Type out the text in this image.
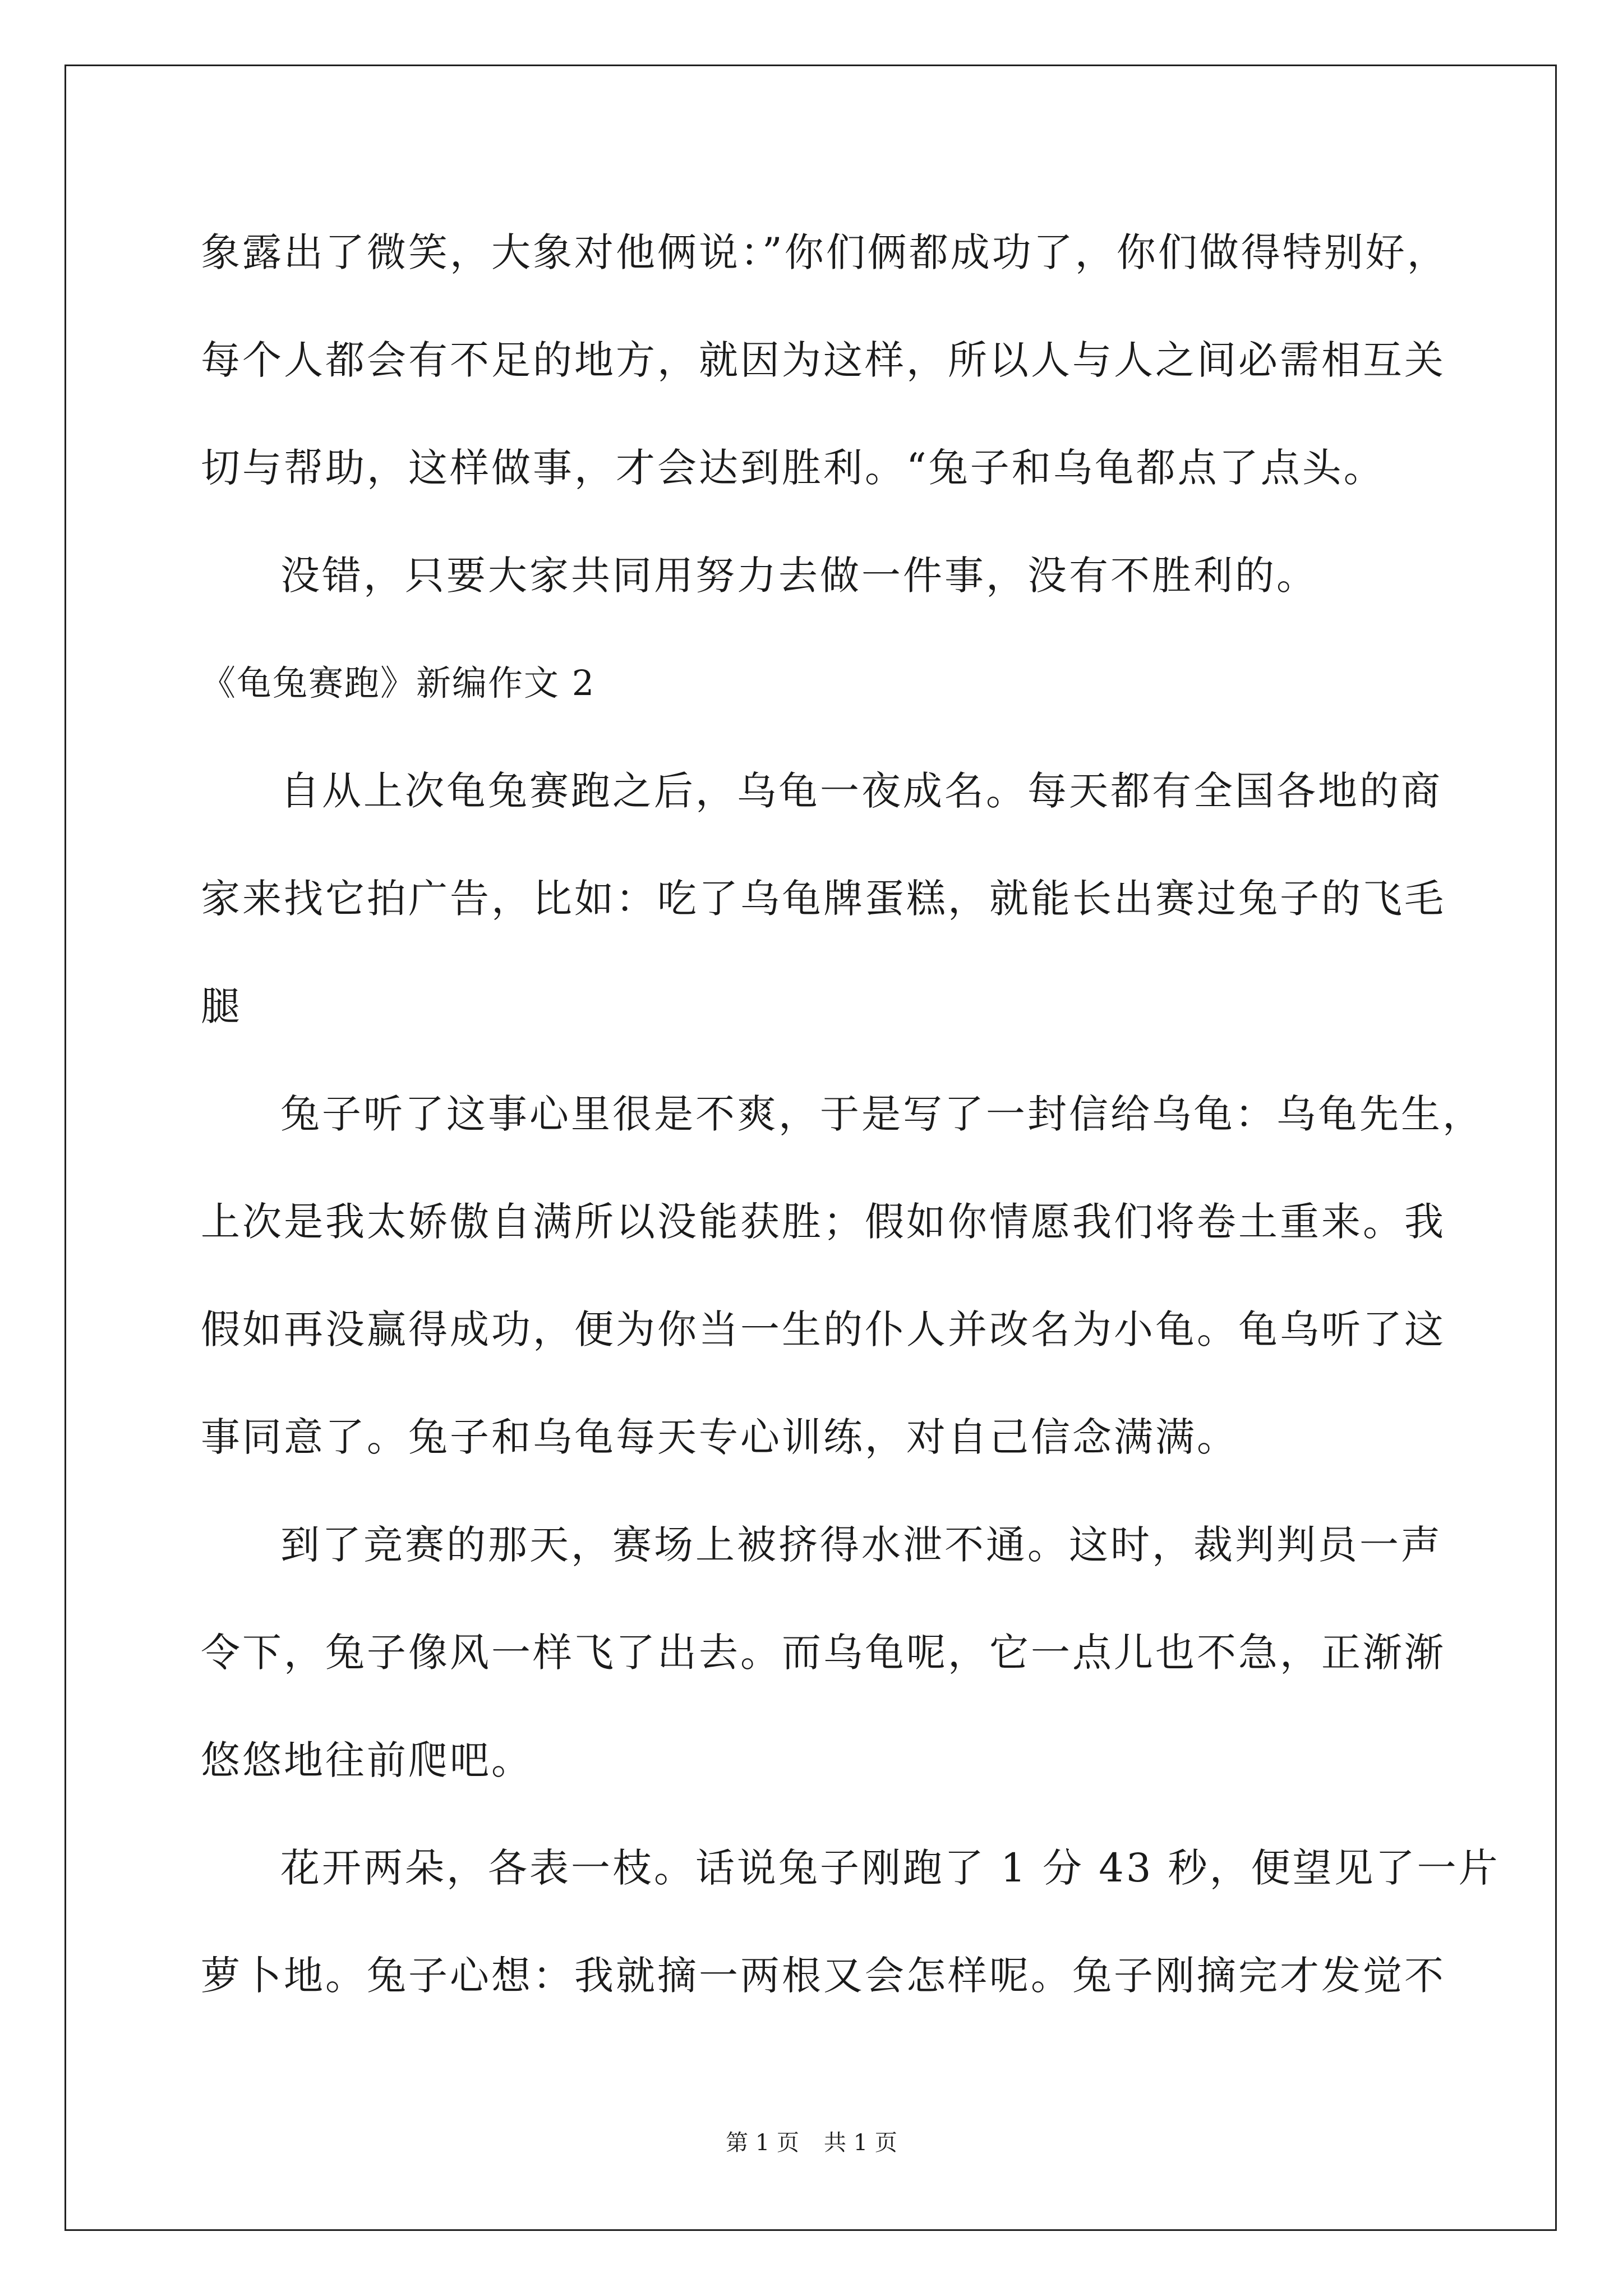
象露出了微笑，大象对他俩说：”你们俩都成功了，你们做得特别好，
每个人都会有不足的地方，就因为这样，所以人与人之间必需相互关
切与帮助，这样做事，才会达到胜利。“兔子和乌龟都点了点头。
没错，只要大家共同用努力去做一件事，没有不胜利的。
《龟兔赛跑》新编作文 2
自从上次龟兔赛跑之后，乌龟一夜成名。每天都有全国各地的商
家来找它拍广告，比如：吃了乌龟牌蛋糕，就能长出赛过兔子的飞毛
腿
兔子听了这事心里很是不爽，于是写了一封信给乌龟：乌龟先生，
上次是我太娇傲自满所以没能获胜；假如你情愿我们将卷土重来。我
假如再没赢得成功，便为你当一生的仆人并改名为小龟。龟乌听了这
事同意了。兔子和乌龟每天专心训练，对自己信念满满。
到了竞赛的那天，赛场上被挤得水泄不通。这时，裁判判员一声
令下，兔子像风一样飞了出去。而乌龟呢，它一点儿也不急，正渐渐
悠悠地往前爬吧。
花开两朵，各表一枝。话说兔子刚跑了 1 分 43 秒，便望见了一片
萝卜地。兔子心想：我就摘一两根又会怎样呢。兔子刚摘完才发觉不
第 1 页 共 1 页
